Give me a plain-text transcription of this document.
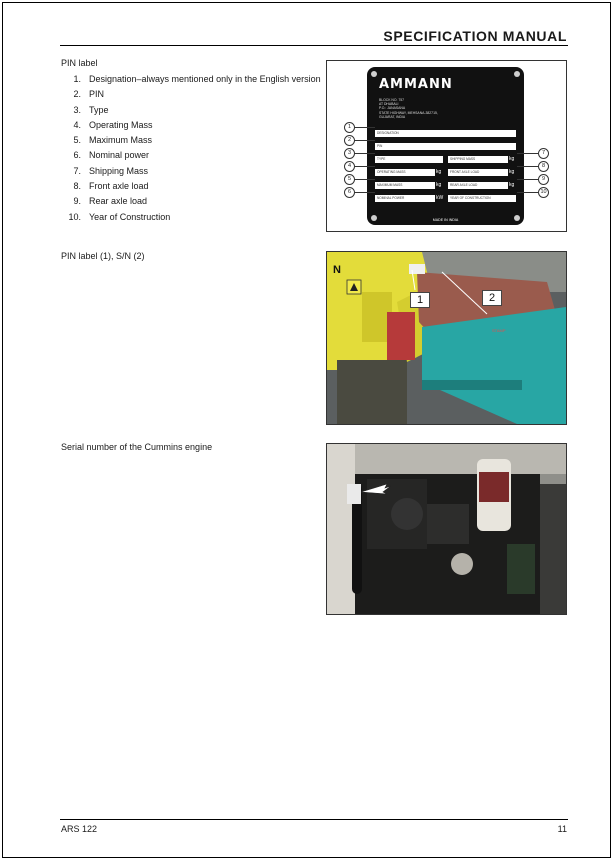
SPECIFICATION MANUAL
PIN label
1. Designation–always mentioned only in the English version
2. PIN
3. Type
4. Operating Mass
5. Maximum Mass
6. Nominal power
7. Shipping Mass
8. Front axle load
9. Rear axle load
10. Year of Construction
AMMANN
BLOCK NO. 757
AT DHABALI
P.O.: JANASANA
STATE HIGHWAY, MEHSANA-382715,
GUJARAT, INDIA
DESIGNATION
PIN
TYPE
OPERATING MASS	kg
MAXIMUM MASS	kg
NOMINAL POWER	kW
SHIPPING MASS	kg
FRONT AXLE LOAD	kg
REAR AXLE LOAD	kg
YEAR OF CONSTRUCTION
MADE IN INDIA
1
2
3
4
5
6
7
8
9
10
PIN label (1), S/N (2)
STAMP
N
1	2
Serial number of the Cummins engine
ARS 122	11
